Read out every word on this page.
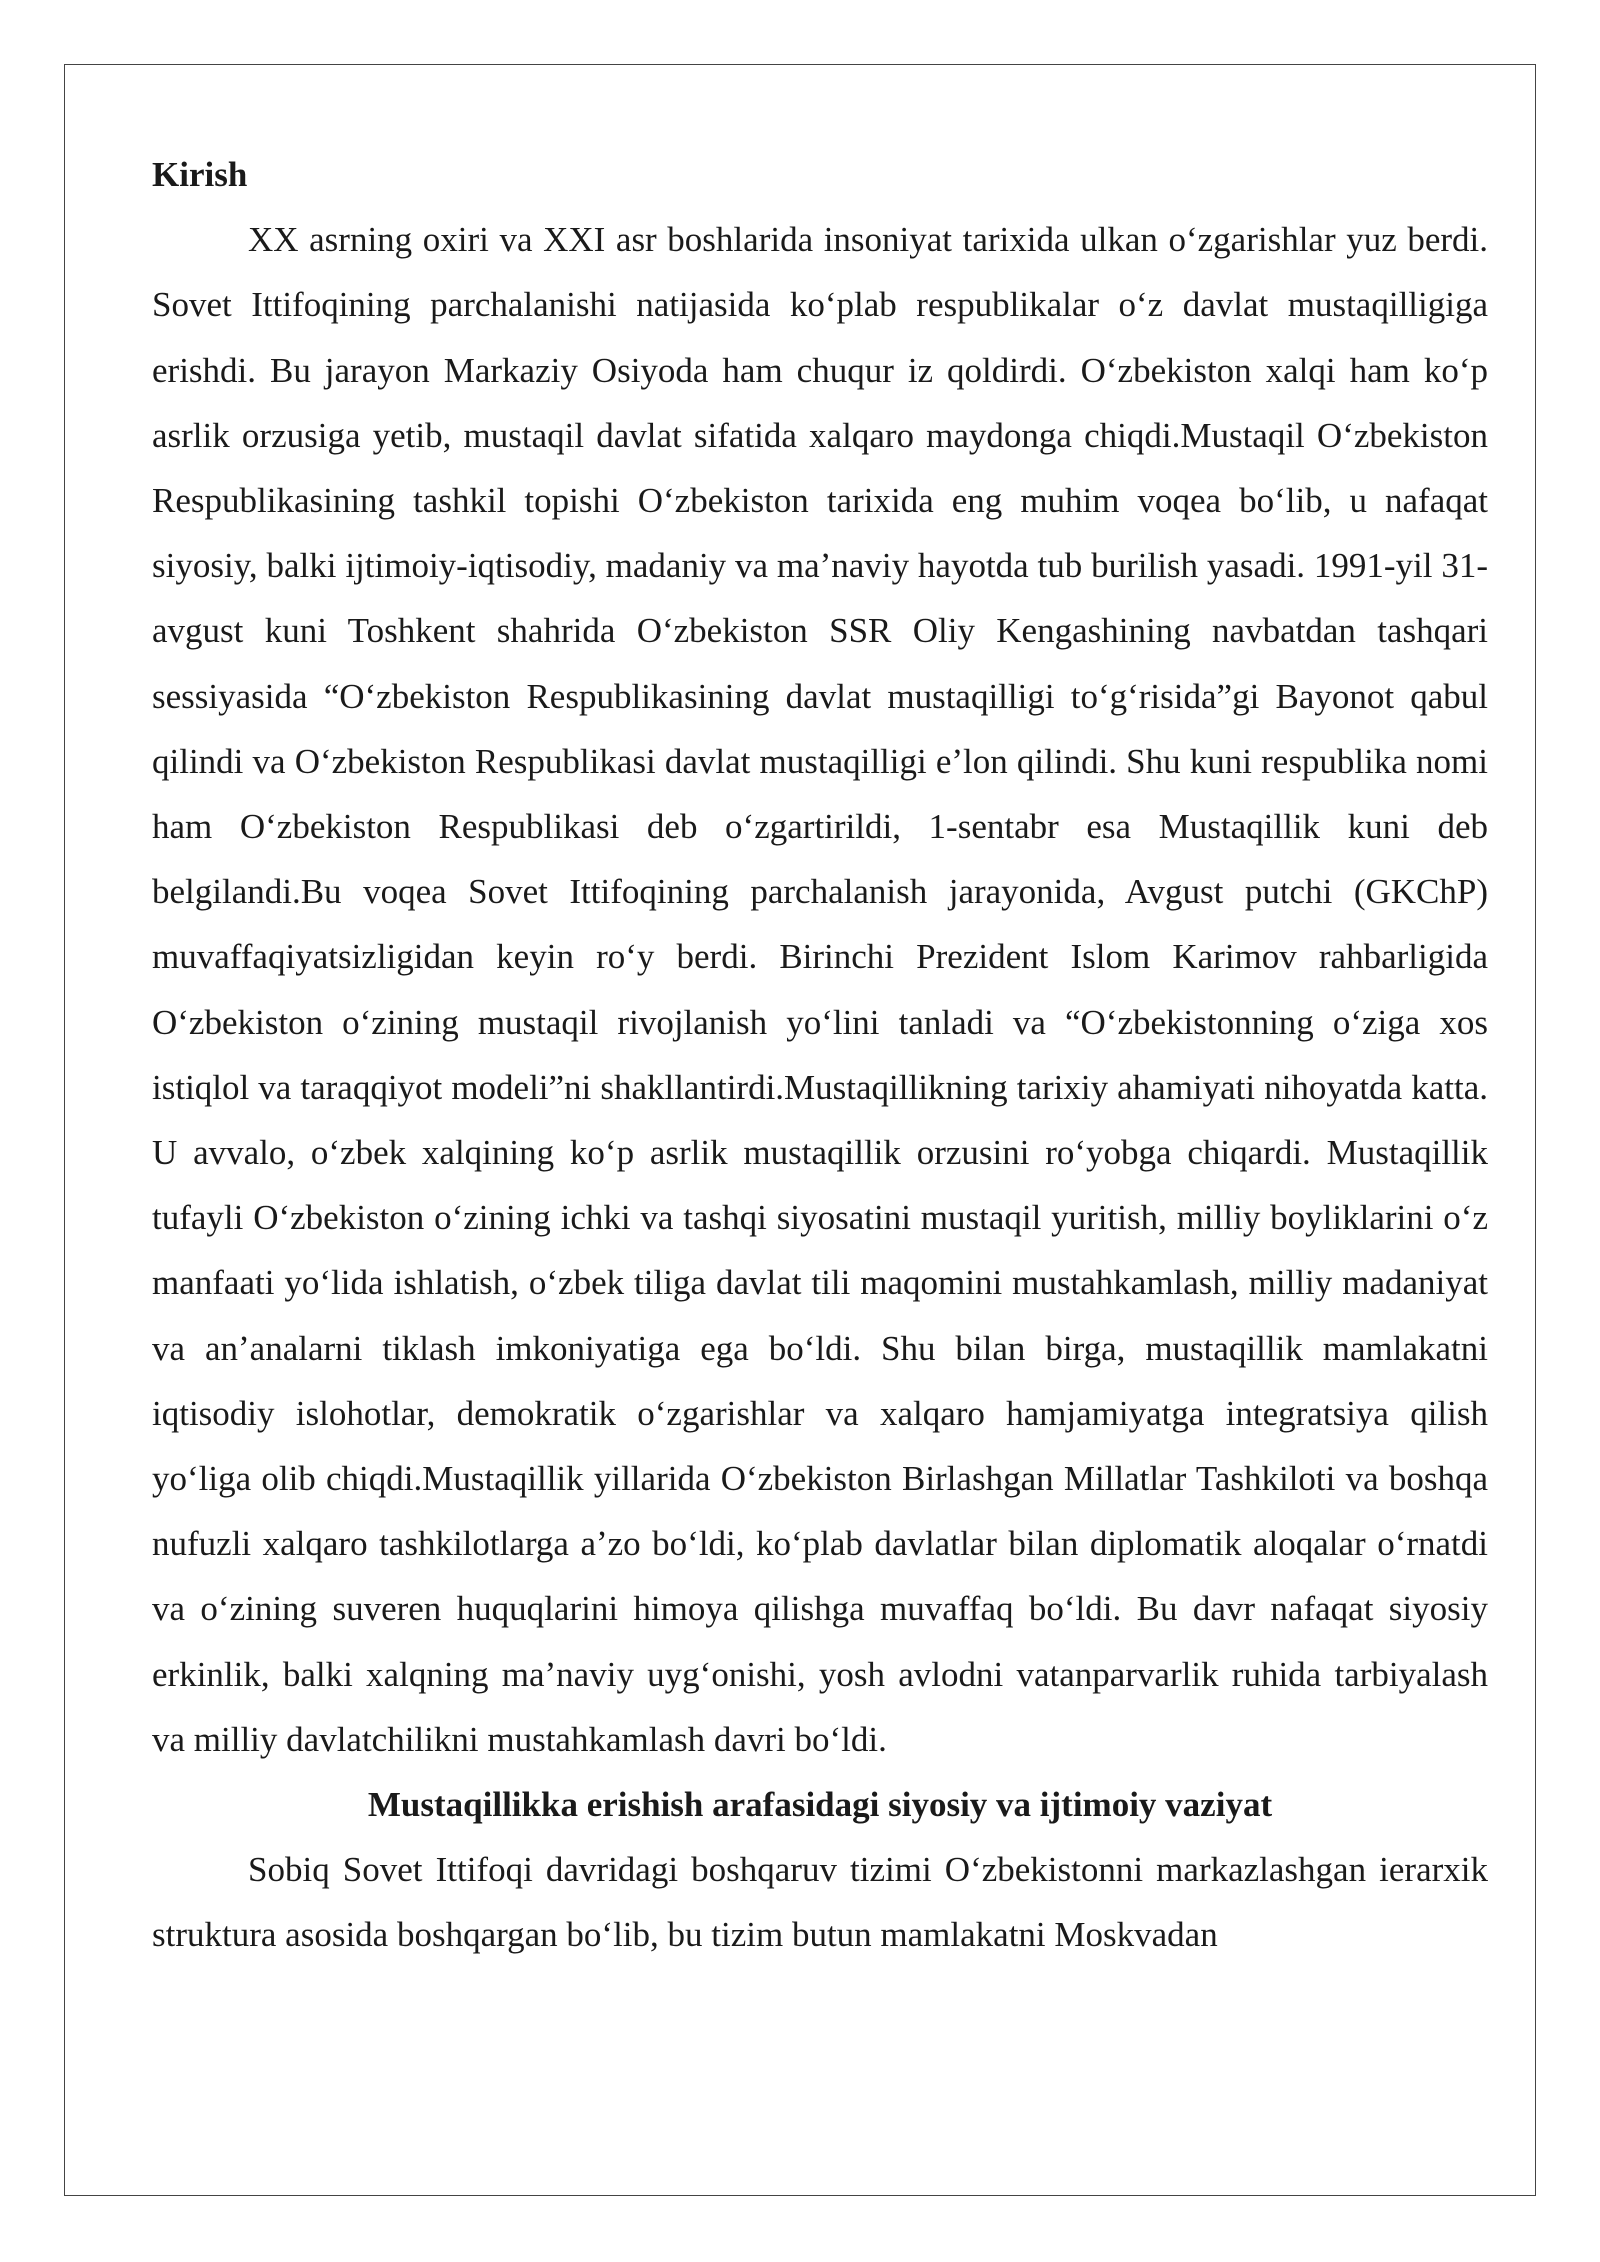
Kirish

XX asrning oxiri va XXI asr boshlarida insoniyat tarixida ulkan oʻzgarishlar yuz berdi. Sovet Ittifoqining parchalanishi natijasida koʻplab respublikalar oʻz davlat mustaqilligiga erishdi. Bu jarayon Markaziy Osiyoda ham chuqur iz qoldirdi. Oʻzbekiston xalqi ham koʻp asrlik orzusiga yetib, mustaqil davlat sifatida xalqaro maydonga chiqdi.Mustaqil Oʻzbekiston Respublikasining tashkil topishi Oʻzbekiston tarixida eng muhim voqea boʻlib, u nafaqat siyosiy, balki ijtimoiy-iqtisodiy, madaniy va maʼnaviy hayotda tub burilish yasadi. 1991-yil 31-avgust kuni Toshkent shahrida Oʻzbekiston SSR Oliy Kengashining navbatdan tashqari sessiyasida “Oʻzbekiston Respublikasining davlat mustaqilligi toʻgʻrisida”gi Bayonot qabul qilindi va Oʻzbekiston Respublikasi davlat mustaqilligi eʼlon qilindi. Shu kuni respublika nomi ham Oʻzbekiston Respublikasi deb oʻzgartirildi, 1-sentabr esa Mustaqillik kuni deb belgilandi.Bu voqea Sovet Ittifoqining parchalanish jarayonida, Avgust putchi (GKChP) muvaffaqiyatsizligidan keyin roʻy berdi. Birinchi Prezident Islom Karimov rahbarligida Oʻzbekiston oʻzining mustaqil rivojlanish yoʻlini tanladi va “Oʻzbekistonning oʻziga xos istiqlol va taraqqiyot modeli”ni shakllantirdi.Mustaqillikning tarixiy ahamiyati nihoyatda katta. U avvalo, oʻzbek xalqining koʻp asrlik mustaqillik orzusini roʻyobga chiqardi. Mustaqillik tufayli Oʻzbekiston oʻzining ichki va tashqi siyosatini mustaqil yuritish, milliy boyliklarini oʻz manfaati yoʻlida ishlatish, oʻzbek tiliga davlat tili maqomini mustahkamlash, milliy madaniyat va anʼanalarni tiklash imkoniyatiga ega boʻldi. Shu bilan birga, mustaqillik mamlakatni iqtisodiy islohotlar, demokratik oʻzgarishlar va xalqaro hamjamiyatga integratsiya qilish yoʻliga olib chiqdi.Mustaqillik yillarida Oʻzbekiston Birlashgan Millatlar Tashkiloti va boshqa nufuzli xalqaro tashkilotlarga aʼzo boʻldi, koʻplab davlatlar bilan diplomatik aloqalar oʻrnatdi va oʻzining suveren huquqlarini himoya qilishga muvaffaq boʻldi. Bu davr nafaqat siyosiy erkinlik, balki xalqning maʼnaviy uygʻonishi, yosh avlodni vatanparvarlik ruhida tarbiyalash va milliy davlatchilikni mustahkamlash davri boʻldi.

Mustaqillikka erishish arafasidagi siyosiy va ijtimoiy vaziyat

Sobiq Sovet Ittifoqi davridagi boshqaruv tizimi Oʻzbekistonni markazlashgan ierarxik struktura asosida boshqargan boʻlib, bu tizim butun mamlakatni Moskvadan
